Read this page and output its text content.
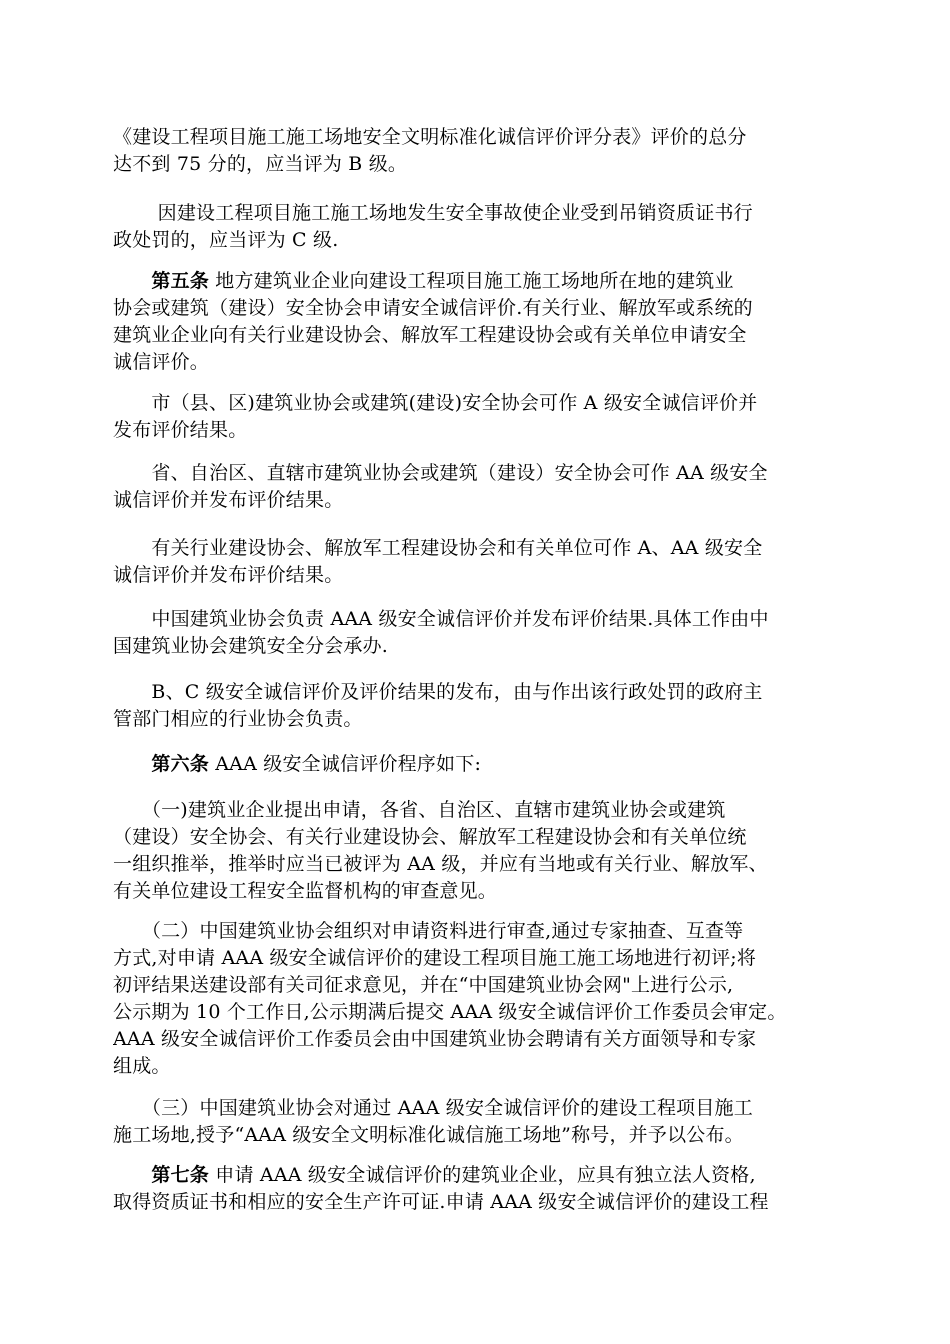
《建设工程项目施工施工场地安全文明标准化诚信评价评分表》评价的总分
达不到 75 分的，应当评为 B 级。
　　 因建设工程项目施工施工场地发生安全事故使企业受到吊销资质证书行
政处罚的，应当评为 C 级.
　　第五条 地方建筑业企业向建设工程项目施工施工场地所在地的建筑业
协会或建筑（建设）安全协会申请安全诚信评价.有关行业、解放军或系统的
建筑业企业向有关行业建设协会、解放军工程建设协会或有关单位申请安全
诚信评价。
　　市（县、区)建筑业协会或建筑(建设)安全协会可作 A 级安全诚信评价并
发布评价结果。
　　省、自治区、直辖市建筑业协会或建筑（建设）安全协会可作 AA 级安全
诚信评价并发布评价结果。
　　有关行业建设协会、解放军工程建设协会和有关单位可作 A、AA 级安全
诚信评价并发布评价结果。
　　中国建筑业协会负责 AAA 级安全诚信评价并发布评价结果.具体工作由中
国建筑业协会建筑安全分会承办.
　　B、C 级安全诚信评价及评价结果的发布，由与作出该行政处罚的政府主
管部门相应的行业协会负责。
　　第六条 AAA 级安全诚信评价程序如下:
　　（一)建筑业企业提出申请，各省、自治区、直辖市建筑业协会或建筑
（建设）安全协会、有关行业建设协会、解放军工程建设协会和有关单位统
一组织推举，推举时应当已被评为 AA 级，并应有当地或有关行业、解放军、
有关单位建设工程安全监督机构的审查意见。
　　（二）中国建筑业协会组织对申请资料进行审查,通过专家抽查、互查等
方式,对申请 AAA 级安全诚信评价的建设工程项目施工施工场地进行初评;将
初评结果送建设部有关司征求意见，并在“中国建筑业协会网"上进行公示,
公示期为 10 个工作日,公示期满后提交 AAA 级安全诚信评价工作委员会审定。
AAA 级安全诚信评价工作委员会由中国建筑业协会聘请有关方面领导和专家
组成。
　　（三）中国建筑业协会对通过 AAA 级安全诚信评价的建设工程项目施工
施工场地,授予“AAA 级安全文明标准化诚信施工场地”称号，并予以公布。
　　第七条 申请 AAA 级安全诚信评价的建筑业企业，应具有独立法人资格,
取得资质证书和相应的安全生产许可证.申请 AAA 级安全诚信评价的建设工程
